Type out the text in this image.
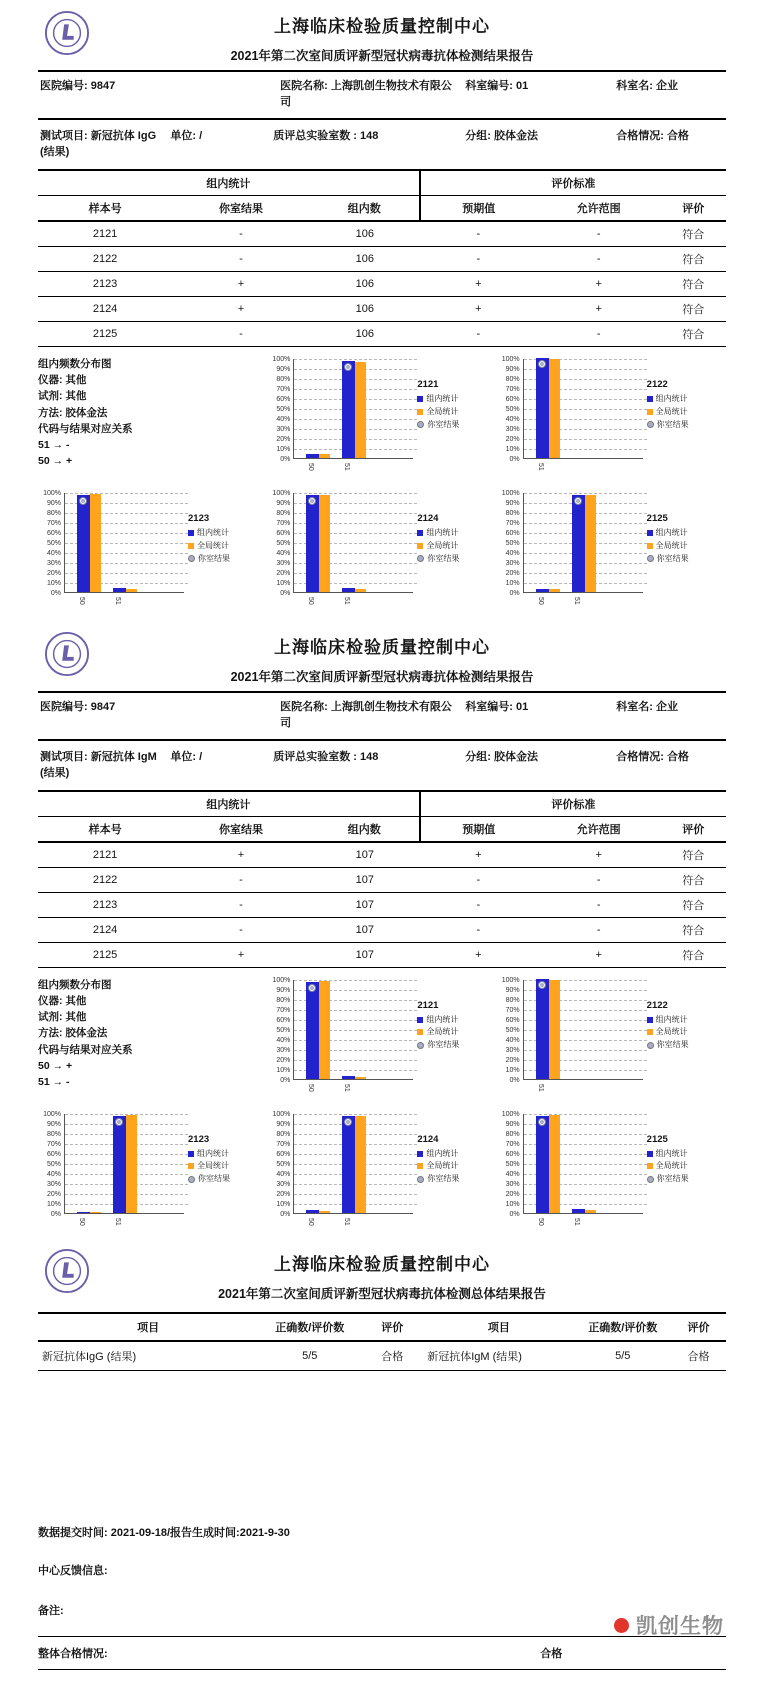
上海临床检验质量控制中心
2021年第二次室间质评新型冠状病毒抗体检测结果报告
医院编号: 9847	医院名称: 上海凯创生物技术有限公司
科室编号: 01	科室名: 企业
测试项目: 新冠抗体 IgG (结果)
单位: /	质评总实验室数 : 148	分组: 胶体金法	合格情况: 合格
组内统计			评价标准		
样本号	你室结果	组内数	预期值	允许范围	评价
2121	-	106	-	-	符合
2122	-	106	-	-	符合
2123	+	106	+	+	符合
2124	+	106	+	+	符合
2125	-	106	-	-	符合
组内频数分布图
仪器: 其他
试剂: 其他
方法: 胶体金法
代码与结果对应关系
51 → -
50 → +
100%
90%
80%
70%
60%
50%
40%
30%
20%
10%
0%
50	51
2121
组内统计
全局统计
你室结果
100%
90%
80%
70%
60%
50%
40%
30%
20%
10%
0%
51
2122
组内统计
全局统计
你室结果
100%
90%
80%
70%
60%
50%
40%
30%
20%
10%
0%
50	51
2123
组内统计
全局统计
你室结果
100%
90%
80%
70%
60%
50%
40%
30%
20%
10%
0%
50	51
2124
组内统计
全局统计
你室结果
100%
90%
80%
70%
60%
50%
40%
30%
20%
10%
0%
50	51
2125
组内统计
全局统计
你室结果
上海临床检验质量控制中心
2021年第二次室间质评新型冠状病毒抗体检测结果报告
医院编号: 9847	医院名称: 上海凯创生物技术有限公司
科室编号: 01	科室名: 企业
测试项目: 新冠抗体 IgM (结果)
单位: /	质评总实验室数 : 148	分组: 胶体金法	合格情况: 合格
组内统计			评价标准		
样本号	你室结果	组内数	预期值	允许范围	评价
2121	+	107	+	+	符合
2122	-	107	-	-	符合
2123	-	107	-	-	符合
2124	-	107	-	-	符合
2125	+	107	+	+	符合
组内频数分布图
仪器: 其他
试剂: 其他
方法: 胶体金法
代码与结果对应关系
50 → +
51 → -
100%
90%
80%
70%
60%
50%
40%
30%
20%
10%
0%
50	51
2121
组内统计
全局统计
你室结果
100%
90%
80%
70%
60%
50%
40%
30%
20%
10%
0%
51
2122
组内统计
全局统计
你室结果
100%
90%
80%
70%
60%
50%
40%
30%
20%
10%
0%
50	51
2123
组内统计
全局统计
你室结果
100%
90%
80%
70%
60%
50%
40%
30%
20%
10%
0%
50	51
2124
组内统计
全局统计
你室结果
100%
90%
80%
70%
60%
50%
40%
30%
20%
10%
0%
50	51
2125
组内统计
全局统计
你室结果
上海临床检验质量控制中心
2021年第二次室间质评新型冠状病毒抗体检测总体结果报告
项目	正确数/评价数	评价	项目	正确数/评价数	评价
新冠抗体IgG (结果)	5/5	合格	新冠抗体IgM (结果)	5/5	合格
数据提交时间: 2021-09-18/报告生成时间:2021-9-30
中心反馈信息:
备注:
整体合格情况:	合格
凯创生物
